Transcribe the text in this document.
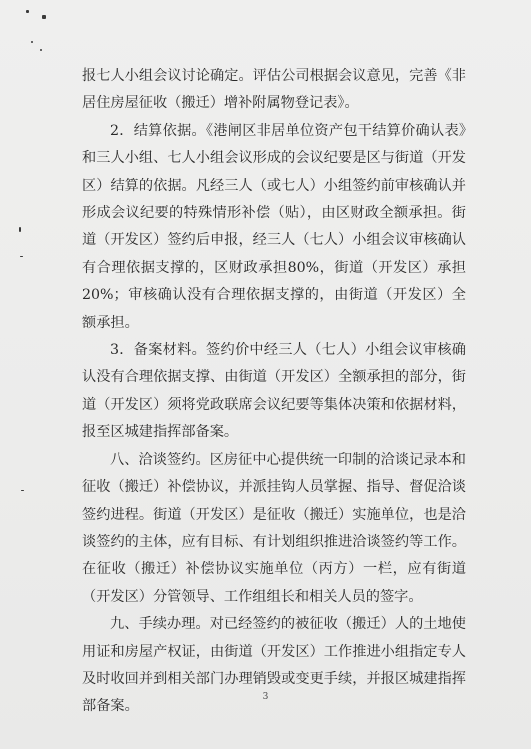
报七人小组会议讨论确定。评估公司根据会议意见，完善《非居住房屋征收（搬迁）增补附属物登记表》。

2．结算依据。《港闸区非居单位资产包干结算价确认表》和三人小组、七人小组会议形成的会议纪要是区与街道（开发区）结算的依据。凡经三人（或七人）小组签约前审核确认并形成会议纪要的特殊情形补偿（贴），由区财政全额承担。街道（开发区）签约后申报，经三人（七人）小组会议审核确认有合理依据支撑的，区财政承担80%，街道（开发区）承担20%；审核确认没有合理依据支撑的，由街道（开发区）全额承担。

3．备案材料。签约价中经三人（七人）小组会议审核确认没有合理依据支撑、由街道（开发区）全额承担的部分，街道（开发区）须将党政联席会议纪要等集体决策和依据材料，报至区城建指挥部备案。

八、洽谈签约。区房征中心提供统一印制的洽谈记录本和征收（搬迁）补偿协议，并派挂钩人员掌握、指导、督促洽谈签约进程。街道（开发区）是征收（搬迁）实施单位，也是洽谈签约的主体，应有目标、有计划组织推进洽谈签约等工作。在征收（搬迁）补偿协议实施单位（丙方）一栏，应有街道（开发区）分管领导、工作组组长和相关人员的签字。

九、手续办理。对已经签约的被征收（搬迁）人的土地使用证和房屋产权证，由街道（开发区）工作推进小组指定专人及时收回并到相关部门办理销毁或变更手续，并报区城建指挥部备案。

3
